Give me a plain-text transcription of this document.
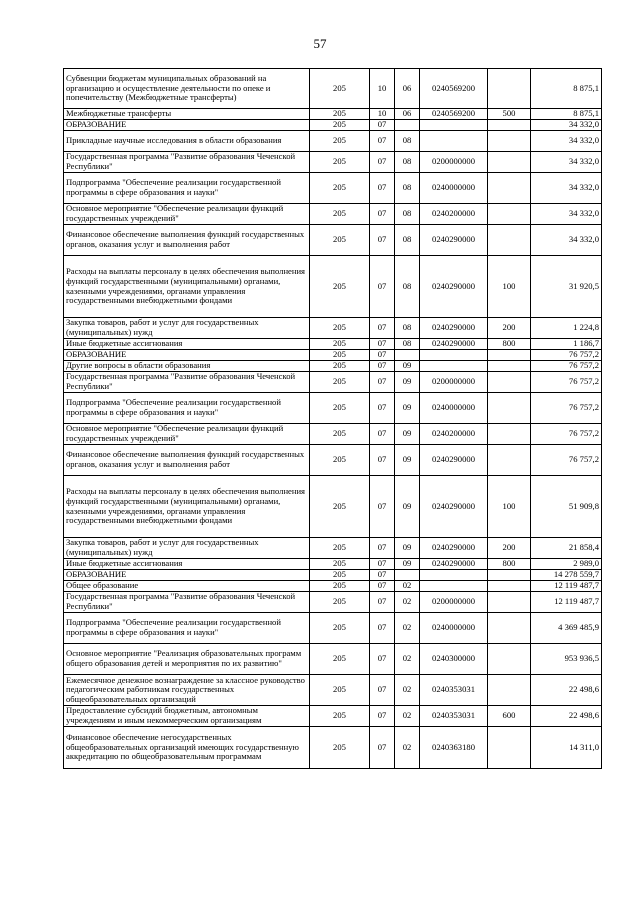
57
Субвенции бюджетам муниципальных образований на организацию и осуществление деятельности по опеке и попечительству (Межбюджетные трансферты)	205	10	06	0240569200		8 875,1
Межбюджетные трансферты	205	10	06	0240569200	500	8 875,1
ОБРАЗОВАНИЕ	205	07				34 332,0
Прикладные научные исследования в области образования	205	07	08			34 332,0
Государственная программа "Развитие образования Чеченской Республики"	205	07	08	0200000000		34 332,0
Подпрограмма "Обеспечение реализации государственной программы в сфере образования и науки"	205	07	08	0240000000		34 332,0
Основное мероприятие "Обеспечение реализации функций государственных учреждений"	205	07	08	0240200000		34 332,0
Финансовое обеспечение выполнения функций государственных органов, оказания услуг и выполнения работ	205	07	08	0240290000		34 332,0
Расходы на выплаты персоналу в целях обеспечения выполнения функций государственными (муниципальными) органами, казенными учреждениями, органами управления государственными внебюджетными фондами	205	07	08	0240290000	100	31 920,5
Закупка товаров, работ и услуг для государственных (муниципальных) нужд	205	07	08	0240290000	200	1 224,8
Иные бюджетные ассигнования	205	07	08	0240290000	800	1 186,7
ОБРАЗОВАНИЕ	205	07				76 757,2
Другие вопросы в области образования	205	07	09			76 757,2
Государственная программа "Развитие образования Чеченской Республики"	205	07	09	0200000000		76 757,2
Подпрограмма "Обеспечение реализации государственной программы в сфере образования и науки"	205	07	09	0240000000		76 757,2
Основное мероприятие "Обеспечение реализации функций государственных учреждений"	205	07	09	0240200000		76 757,2
Финансовое обеспечение выполнения функций государственных органов, оказания услуг и выполнения работ	205	07	09	0240290000		76 757,2
Расходы на выплаты персоналу в целях обеспечения выполнения функций государственными (муниципальными) органами, казенными учреждениями, органами управления государственными внебюджетными фондами	205	07	09	0240290000	100	51 909,8
Закупка товаров, работ и услуг для государственных (муниципальных) нужд	205	07	09	0240290000	200	21 858,4
Иные бюджетные ассигнования	205	07	09	0240290000	800	2 989,0
ОБРАЗОВАНИЕ	205	07				14 278 559,7
Общее образование	205	07	02			12 119 487,7
Государственная программа "Развитие образования Чеченской Республики"	205	07	02	0200000000		12 119 487,7
Подпрограмма "Обеспечение реализации государственной программы в сфере образования и науки"	205	07	02	0240000000		4 369 485,9
Основное мероприятие "Реализация образовательных программ общего образования детей и мероприятия по их развитию"	205	07	02	0240300000		953 936,5
Ежемесячное денежное вознаграждение за классное руководство педагогическим работникам государственных общеобразовательных организаций	205	07	02	0240353031		22 498,6
Предоставление субсидий бюджетным, автономным учреждениям и иным некоммерческим организациям	205	07	02	0240353031	600	22 498,6
Финансовое обеспечение негосударственных общеобразовательных организаций имеющих государственную аккредитацию по общеобразовательным программам	205	07	02	0240363180		14 311,0
